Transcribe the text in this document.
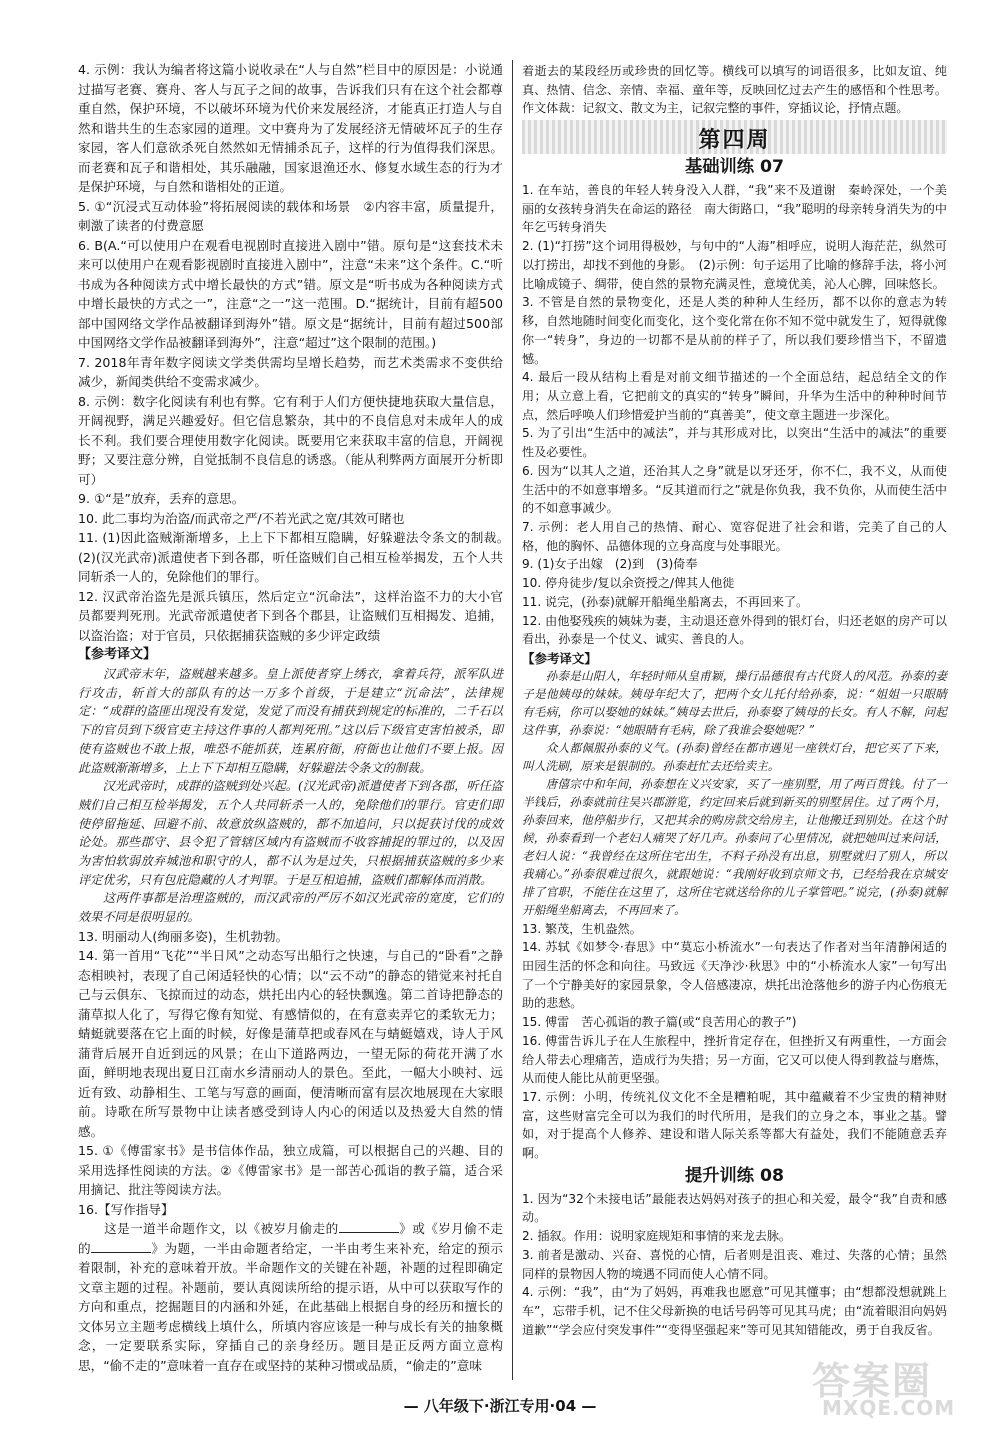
4. 示例：我认为编者将这篇小说收录在“人与自然”栏目中的原因是：小说通过描写老赛、赛舟、客人与瓦子之间的故事，告诉我们只有在这个社会都尊重自然，保护环境，不以破坏环境为代价来发展经济，才能真正打造人与自然和谐共生的生态家园的道理。文中赛舟为了发展经济无情破坏瓦子的生存家园，客人们意欲杀死自然然如无情捕杀瓦子，这样的行为值得我们深思。而老赛和瓦子和谐相处，其乐融融，国家退渔还水、修复水域生态的行为才是保护环境，与自然和谐相处的正道。

5. ①“沉浸式互动体验”将拓展阅读的载体和场景　②内容丰富，质量提升，刺激了读者的付费意愿

6. B(A.“可以使用户在观看电视剧时直接进入剧中”错。原句是“这套技术未来可以使用户在观看影视剧时直接进入剧中”，注意“未来”这个条件。C.“听书成为各种阅读方式中增长最快的方式”错。原文是“听书成为各种阅读方式中增长最快的方式之一”，注意“之一”这一范围。D.“据统计，目前有超500部中国网络文学作品被翻译到海外”错。原文是“据统计，目前有超过500部中国网络文学作品被翻译到海外”，注意“超过”这个限制的范围。)

7. 2018年青年数字阅读文学类供需均呈增长趋势，而艺术类需求不变供给减少，新闻类供给不变需求减少。

8. 示例：数字化阅读有利也有弊。它有利于人们方便快捷地获取大量信息，开阔视野，满足兴趣爱好。但它信息繁杂，其中的不良信息对未成年人的成长不利。我们要合理使用数字化阅读。既要用它来获取丰富的信息，开阔视野；又要注意分辨，自觉抵制不良信息的诱惑。（能从利弊两方面展开分析即可）

9. ①“是”放弃，丢弃的意思。

10. 此二事均为治盗/而武帝之严/不若光武之宽/其效可睹也

11. (1)因此盗贼渐渐增多，上上下下都相互隐瞒，好躲避法令条文的制裁。　(2)(汉光武帝)派遣使者下到各郡，听任盗贼们自己相互检举揭发，五个人共同斩杀一人的，免除他们的罪行。

12. 汉武帝治盗先是派兵镇压，然后定立“沉命法”，这样治盗不力的大小官员都要判死刑。光武帝派遣使者下到各个郡县，让盗贼们互相揭发、追捕，以盗治盗；对于官员，只依据捕获盗贼的多少评定政绩

【参考译文】

　　汉武帝末年，盗贼越来越多。皇上派使者穿上绣衣，拿着兵符，派军队进行攻击，斩首大的部队有的达一万多个首级，于是建立“沉命法”，法律规定：“成群的盗匪出现没有发觉，发觉了而没有捕获到规定的标准的，二千石以下的官员到下级官吏主持这件事的人都判死刑。”这以后下级官吏害怕被杀，即使有盗贼也不敢上报，唯恐不能抓获，连累府衙，府衙也让他们不要上报。因此盗贼渐渐增多，上上下下却相互隐瞒，好躲避法令条文的制裁。
　　汉光武帝时，成群的盗贼到处兴起。(汉光武帝)派遣使者下到各郡，听任盗贼们自己相互检举揭发，五个人共同斩杀一人的，免除他们的罪行。官吏们即使停留拖延、回避不前、故意放纵盗贼的，都不加追问，只以捉获讨伐的成效论处。那些郡守、县令犯了管辖区域内有盗贼而不收容捕捉的罪过的，以及因为害怕软弱放弃城池和职守的人，都不认为是过失，只根据捕获盗贼的多少来评定优劣，只有包庇隐藏的人才判罪。于是互相追捕，盗贼们都解体而消散。
　　这两件事都是治理盗贼的，而汉武帝的严厉不如汉光武帝的宽度，它们的效果不同是很明显的。

13. 明丽动人(绚丽多姿)，生机勃勃。

14. 第一首用“飞花”“半日风”之动态写出船行之快速，与自己的“卧看”之静态相映衬，表现了自己闲适轻快的心情；以“云不动”的静态的错觉来衬托自己与云俱东、飞掠而过的动态，烘托出内心的轻快飘逸。第二首诗把静态的蒲草拟人化了，写得它像有知觉、有感情似的，在有意卖弄它的柔软无力；蜻蜓就要落在它上面的时候，好像是蒲草把或春风在与蜻蜓嬉戏，诗人于风蒲背后展开自近到远的风景；在山下道路两边，一望无际的荷花开满了水面，鲜明地表现出夏日江南水乡清丽动人的景色。至此，一幅大小映衬、远近有致、动静相生、工笔与写意的画面，便清晰而富有层次地展现在大家眼前。诗歌在所写景物中让读者感受到诗人内心的闲适以及热爱大自然的情感。

15. ①《傅雷家书》是书信体作品，独立成篇，可以根据自己的兴趣、目的采用选择性阅读的方法。②《傅雷家书》是一部苦心孤诣的教子篇，适合采用摘记、批注等阅读方法。

16.【写作指导】

　　这是一道半命题作文，以《被岁月偷走的	》或《岁月偷不走的	》为题，一半由命题者给定，一半由考生来补充，给定的预示着限制，补充的意味着开放。半命题作文的关键在补题，补题的过程即确定文章主题的过程。补题前，要认真阅读所给的提示语，从中可以获取写作的方向和重点，挖掘题目的内涵和外延，在此基础上根据自身的经历和擅长的文体另立主题考虑横线上填什么，所填内容应该是一种与成长有关的抽象概念，一定要联系实际，穿插自己的亲身经历。题目是正反两方面立意构思，“偷不走的”意味着一直存在或坚持的某种习惯或品质，“偷走的”意味

着逝去的某段经历或珍贵的回忆等。横线可以填写的词语很多，比如友谊、纯真、热情、信念、亲情、幸福、童年等，反映回忆过去产生的感悟和个性思考。作文体裁：记叙文、散文为主，记叙完整的事件，穿插议论，抒情点题。

第四周

基础训练 07

1. 在车站，善良的年轻人转身没入人群，“我”来不及道谢　秦岭深处，一个美丽的女孩转身消失在命运的路径　南大街路口，“我”聪明的母亲转身消失为的中年乞丐转身消失

2. (1)“打捞”这个词用得极妙，与句中的“人海”相呼应，说明人海茫茫，纵然可以打捞出，却找不到他的身影。　(2)示例：句子运用了比喻的修辞手法，将小河比喻成镜子、绸带，使自然的景物充满灵性，意境优美，沁人心脾，回味悠长。

3. 不管是自然的景物变化，还是人类的种种人生经历，都不以你的意志为转移，自然地随时间变化而变化，这个变化常在你不知不觉中就发生了，短得就像你一“转身”，身边的一切都不是从前的样子了，所以我们要珍惜当下，不留遗憾。

4. 最后一段从结构上看是对前文细节描述的一个全面总结，起总结全文的作用；从立意上看，它把前文的真实的“转身”瞬间，升华为生活中的种种时间节点，然后呼唤人们珍惜爱护当前的“真善美”，使文章主题进一步深化。

5. 为了引出“生活中的减法”，并与其形成对比，以突出“生活中的减法”的重要性及必要性。

6. 因为“以其人之道，还治其人之身”就是以牙还牙，你不仁，我不义，从而使生活中的不如意事增多。“反其道而行之”就是你负我，我不负你，从而使生活中的不如意事减少。

7. 示例：老人用自己的热情、耐心、宽容促进了社会和谐，完美了自己的人格，他的胸怀、品德体现的立身高度与处事眼光。

9. (1)女子出嫁　(2)到　(3)倚奉

10. 停舟徒步/复以余资授之/俾其人他徙

11. 说完，(孙泰)就解开船绳坐船离去，不再回来了。

12. 由他娶残疾的姨妹为妻，主动退还意外得到的银灯台，归还老妪的房产可以看出，孙泰是一个仗义、诚实、善良的人。

【参考译文】

　　孙泰是山阳人，年轻时师从皇甫颖，操行品德很有古代贤人的风范。孙泰的妻子是他姨母的妹妹。姨母年纪大了，把两个女儿托付给孙泰，说：“姐姐一只眼睛有毛病，你可以娶她的妹妹。”姨母去世后，孙泰娶了姨母的长女。有人不解，问起这件事，孙泰说：“她眼睛有毛病，除了我谁会娶她呢？”
　　众人都佩服孙泰的义气。(孙泰)曾经在都市遇见一座铁灯台，把它买了下来，叫人洗刷，原来是银制的。孙泰赶忙去还给卖主。
　　唐僖宗中和年间，孙泰想在义兴安家，买了一座别墅，用了两百贯钱。付了一半钱后，孙泰就前往吴兴郡游览，约定回来后就到新买的别墅居住。过了两个月，孙泰回来，他停船步行，又把其余的购房款交给房主，让他搬迁到别处。在这个时候，孙泰看到一个老妇人痛哭了好几声。孙泰问了心里情况，就把她叫过来问话，老妇人说：“我曾经在这所住宅出生，不料子孙没有出息，别墅就归了别人，所以我痛心。”孙泰很难过很久，就跟她说：“我刚好收到京师文书，已经给我在京城安排了官职，不能住在这里了，这所住宅就送给你的儿子掌管吧。”说完，(孙泰)就解开船绳坐船离去，不再回来了。

13. 繁茂，生机盎然。

14. 苏轼《如梦令·春思》中“莫忘小桥流水”一句表达了作者对当年清静闲适的田园生活的怀念和向往。马致远《天净沙·秋思》中的“小桥流水人家”一句写出了一个宁静美好的家园景象，令人倍感凄凉，烘托出沧落他乡的游子内心伤痕无助的悲愁。

15. 傅雷　苦心孤诣的教子篇(或“良苦用心的教子”)

16. 傅雷告诉儿子在人生旅程中，挫折肯定存在，但挫折又有两重性，一方面会给人带去心理痛苦，造成行为失措；另一方面，它又可以使人得到教益与磨炼，从而使人能比从前更坚强。

17. 示例：小明，传统礼仪文化不全是糟粕呢，其中蕴藏着不少宝贵的精神财富，这些财富完全可以为我们的时代所用，是我们的立身之本，事业之基。譬如，对于提高个人修养、建设和谐人际关系等都大有益处，我们不能随意丢弃啊。

提升训练 08

1. 因为“32个未接电话”最能表达妈妈对孩子的担心和关爱，最令“我”自责和感动。

2. 插叙。作用：说明家庭规矩和事情的来龙去脉。

3. 前者是激动、兴奋、喜悦的心情，后者则是沮丧、难过、失落的心情；虽然同样的景物因人物的境遇不同而使人心情不同。

4. 示例：“我”，由“为了妈妈，再难我也愿意”可见其懂事；由“想都没想就跳上车”，忘带手机，记不住父母新换的电话号码等可见其马虎；由“流着眼泪向妈妈道歉”“学会应付突发事件”“变得坚强起来”等可见其知错能改，勇于自我反省。

— 八年级下·浙江专用·04 —
答案圈
MXQE.COM
